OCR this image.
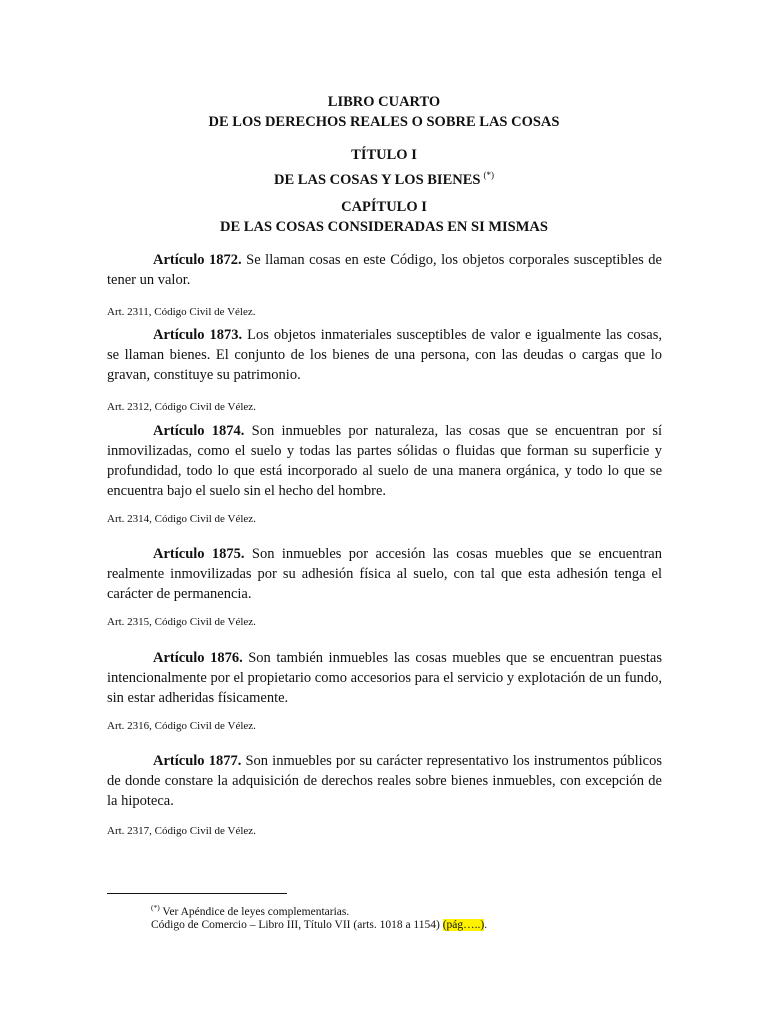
LIBRO CUARTO
DE LOS DERECHOS REALES O SOBRE LAS COSAS
TÍTULO I
DE LAS COSAS Y LOS BIENES (*)
CAPÍTULO I
DE LAS COSAS CONSIDERADAS EN SI MISMAS

Artículo 1872. Se llaman cosas en este Código, los objetos corporales susceptibles de tener un valor.

Art. 2311, Código Civil de Vélez.

Artículo 1873. Los objetos inmateriales susceptibles de valor e igualmente las cosas, se llaman bienes. El conjunto de los bienes de una persona, con las deudas o cargas que lo gravan, constituye su patrimonio.

Art. 2312, Código Civil de Vélez.

Artículo 1874. Son inmuebles por naturaleza, las cosas que se encuentran por sí inmovilizadas, como el suelo y todas las partes sólidas o fluidas que forman su superficie y profundidad, todo lo que está incorporado al suelo de una manera orgánica, y todo lo que se encuentra bajo el suelo sin el hecho del hombre.

Art. 2314, Código Civil de Vélez.

Artículo 1875. Son inmuebles por accesión las cosas muebles que se encuentran realmente inmovilizadas por su adhesión física al suelo, con tal que esta adhesión tenga el carácter de permanencia.

Art. 2315, Código Civil de Vélez.

Artículo 1876. Son también inmuebles las cosas muebles que se encuentran puestas intencionalmente por el propietario como accesorios para el servicio y explotación de un fundo, sin estar adheridas físicamente.

Art. 2316, Código Civil de Vélez.

Artículo 1877. Son inmuebles por su carácter representativo los instrumentos públicos de donde constare la adquisición de derechos reales sobre bienes inmuebles, con excepción de la hipoteca.

Art. 2317, Código Civil de Vélez.
(*) Ver Apéndice de leyes complementarias.
Código de Comercio – Libro III, Título VII (arts. 1018 a 1154) (pág…..).
